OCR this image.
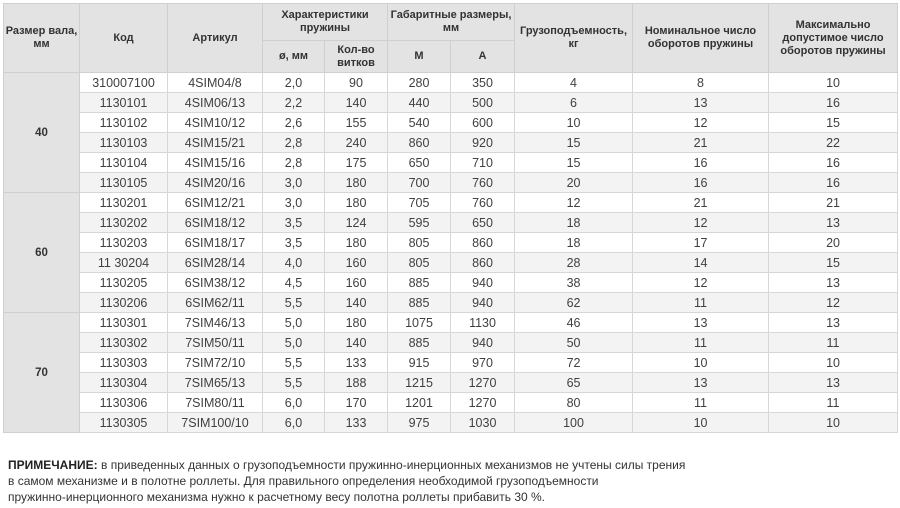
Размер вала, мм	Код	Артикул	Характеристики пружины		Габаритные размеры, мм		Грузоподъемность, кг	Номинальное число оборотов пружины	Максимально допустимое число оборотов пружины
			ø, мм	Кол-во витков	M	A			
40	310007100	4SIM04/8	2,0	90	280	350	4	8	10
	1130101	4SIM06/13	2,2	140	440	500	6	13	16
	1130102	4SIM10/12	2,6	155	540	600	10	12	15
	1130103	4SIM15/21	2,8	240	860	920	15	21	22
	1130104	4SIM15/16	2,8	175	650	710	15	16	16
	1130105	4SIM20/16	3,0	180	700	760	20	16	16
60	1130201	6SIM12/21	3,0	180	705	760	12	21	21
	1130202	6SIM18/12	3,5	124	595	650	18	12	13
	1130203	6SIM18/17	3,5	180	805	860	18	17	20
	11 30204	6SIM28/14	4,0	160	805	860	28	14	15
	1130205	6SIM38/12	4,5	160	885	940	38	12	13
	1130206	6SIM62/11	5,5	140	885	940	62	11	12
70	1130301	7SIM46/13	5,0	180	1075	1130	46	13	13
	1130302	7SIM50/11	5,0	140	885	940	50	11	11
	1130303	7SIM72/10	5,5	133	915	970	72	10	10
	1130304	7SIM65/13	5,5	188	1215	1270	65	13	13
	1130306	7SIM80/11	6,0	170	1201	1270	80	11	11
	1130305	7SIM100/10	6,0	133	975	1030	100	10	10
ПРИМЕЧАНИЕ: в приведенных данных о грузоподъемности пружинно-инерционных механизмов не учтены силы трения
в самом механизме и в полотне роллеты. Для правильного определения необходимой грузоподъемности
пружинно-инерционного механизма нужно к расчетному весу полотна роллеты прибавить 30 %.
